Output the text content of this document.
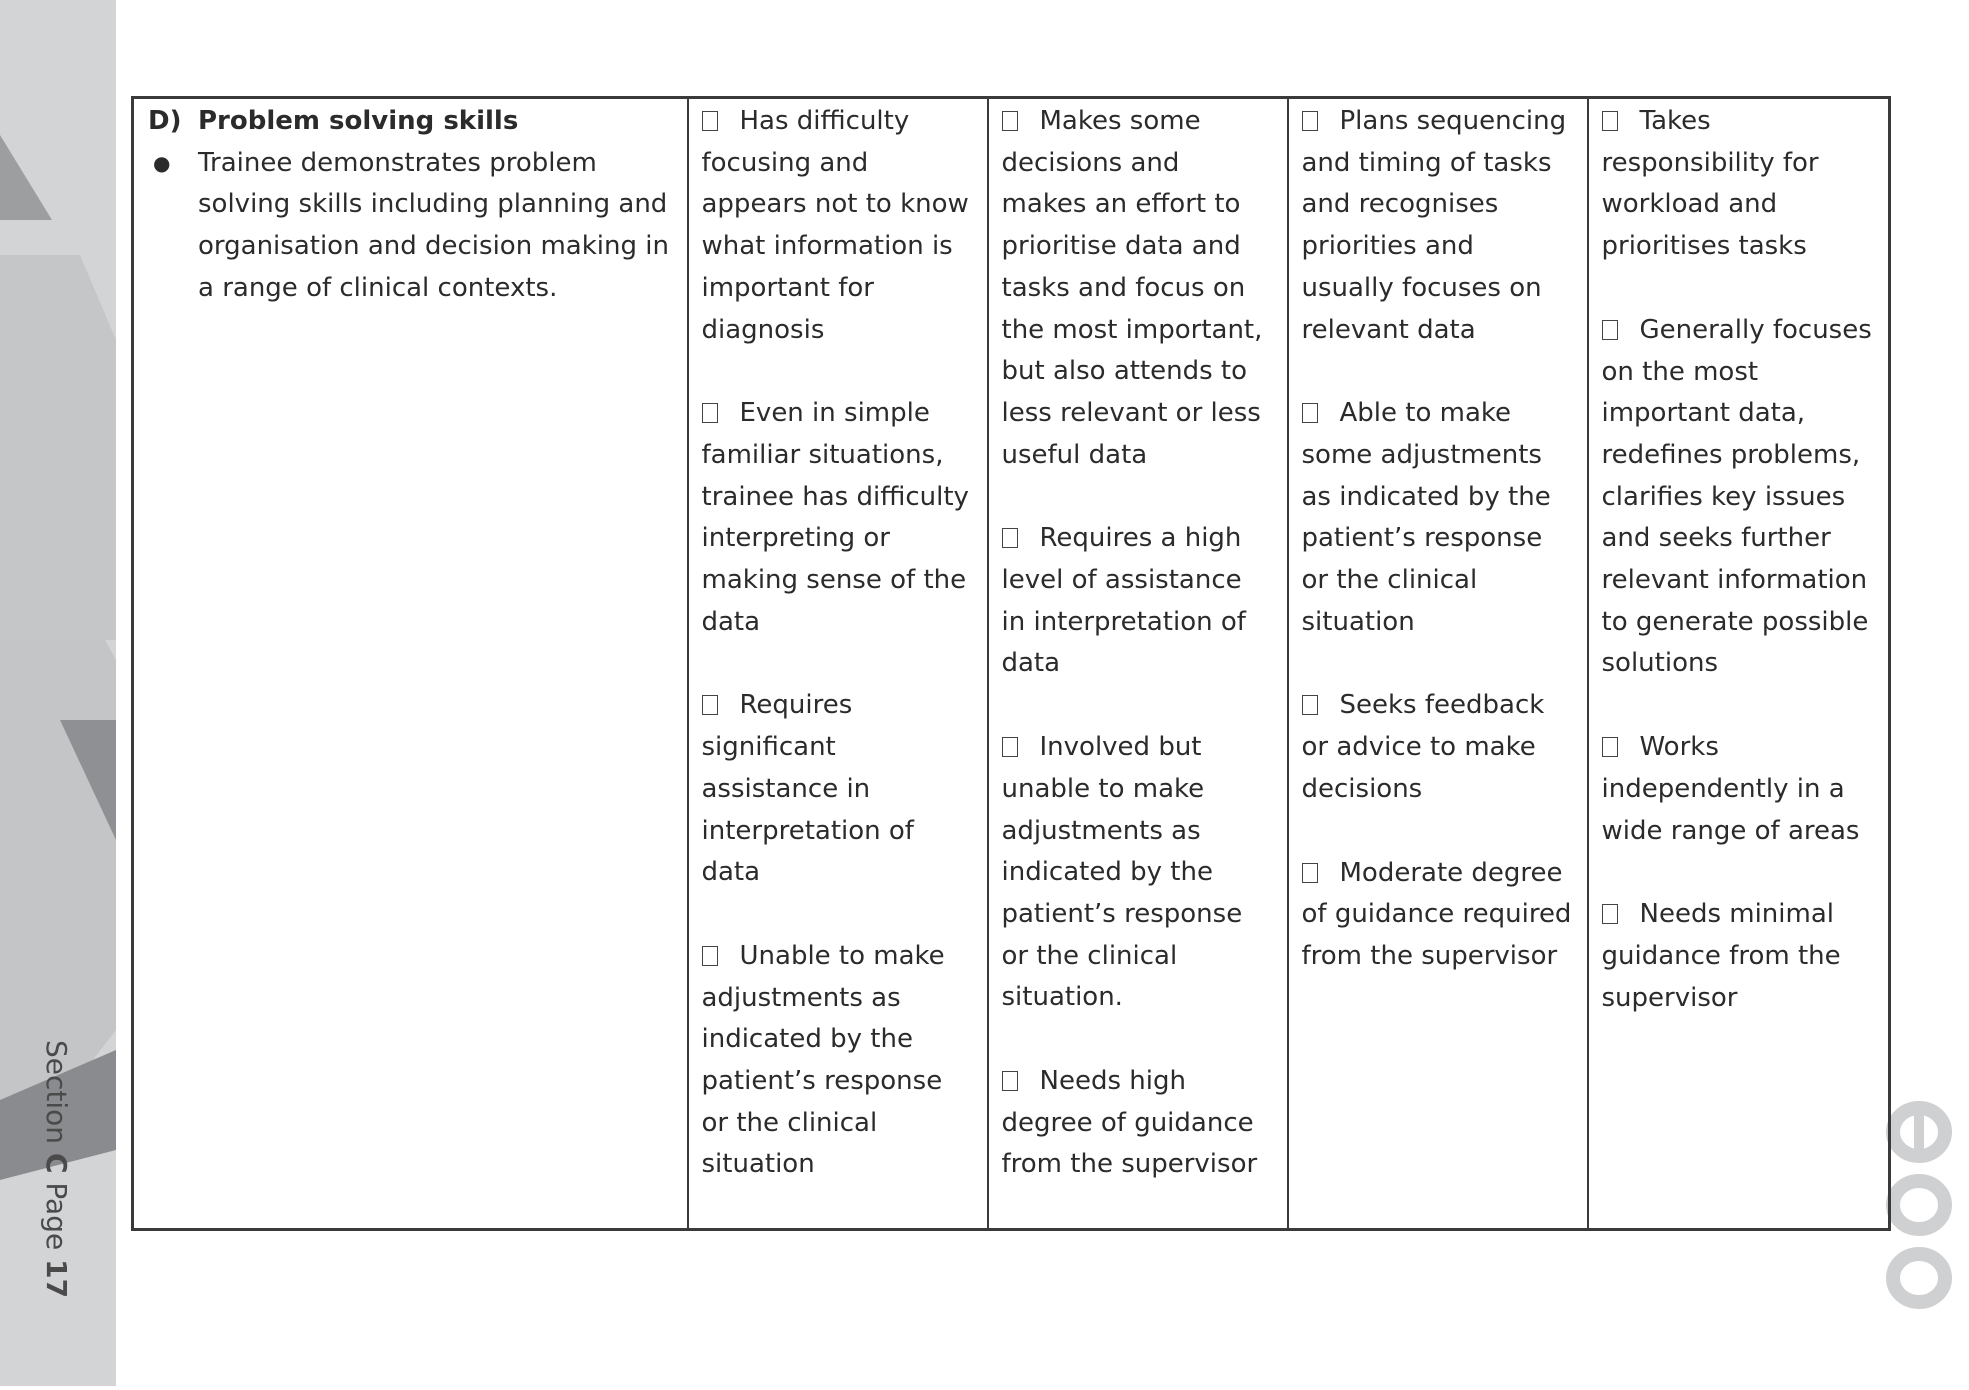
Section C Page 17
D) Problem solving skills
● Trainee demonstrates problem solving skills including planning and organisation and decision making in a range of clinical contexts.

Has difficulty focusing and appears not to know what information is important for diagnosis
Even in simple familiar situations, trainee has difficulty interpreting or making sense of the data
Requires significant assistance in interpretation of data
Unable to make adjustments as indicated by the patient’s response or the clinical situation

Makes some decisions and makes an effort to prioritise data and tasks and focus on the most important, but also attends to less relevant or less useful data
Requires a high level of assistance in interpretation of data
Involved but unable to make adjustments as indicated by the patient’s response or the clinical situation.
Needs high degree of guidance from the supervisor

Plans sequencing and timing of tasks and recognises priorities and usually focuses on relevant data
Able to make some adjustments as indicated by the patient’s response or the clinical situation
Seeks feedback or advice to make decisions
Moderate degree of guidance required from the supervisor

Takes responsibility for workload and prioritises tasks
Generally focuses on the most important data, redefines problems, clarifies key issues and seeks further relevant information to generate possible solutions
Works independently in a wide range of areas
Needs minimal guidance from the supervisor
